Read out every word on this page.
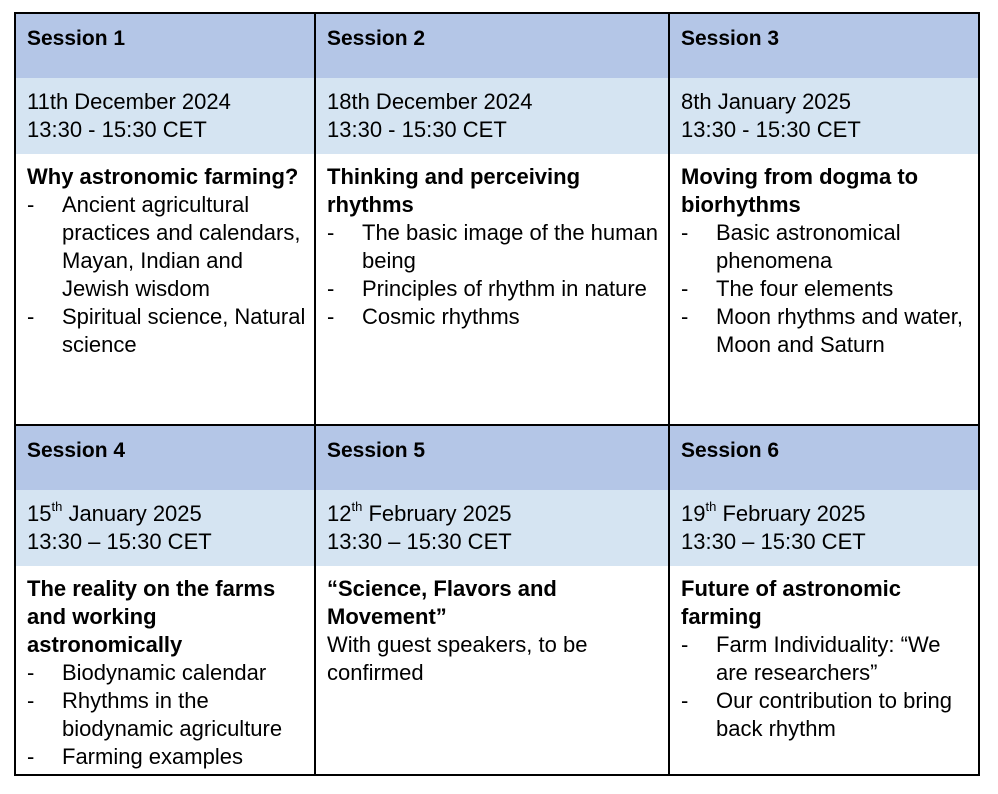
Session 1
11th December 2024
13:30 - 15:30 CET
Why astronomic farming?
- Ancient agricultural practices and calendars, Mayan, Indian and Jewish wisdom
- Spiritual science, Natural science
Session 2
18th December 2024
13:30 - 15:30 CET
Thinking and perceiving rhythms
- The basic image of the human being
- Principles of rhythm in nature
- Cosmic rhythms
Session 3
8th January 2025
13:30 - 15:30 CET
Moving from dogma to biorhythms
- Basic astronomical phenomena
- The four elements
- Moon rhythms and water, Moon and Saturn
Session 4
15th January 2025
13:30 – 15:30 CET
The reality on the farms and working astronomically
- Biodynamic calendar
- Rhythms in the biodynamic agriculture
- Farming examples
Session 5
12th February 2025
13:30 – 15:30 CET
“Science, Flavors and Movement”
With guest speakers, to be confirmed
Session 6
19th February 2025
13:30 – 15:30 CET
Future of astronomic farming
- Farm Individuality: “We are researchers”
- Our contribution to bring back rhythm
